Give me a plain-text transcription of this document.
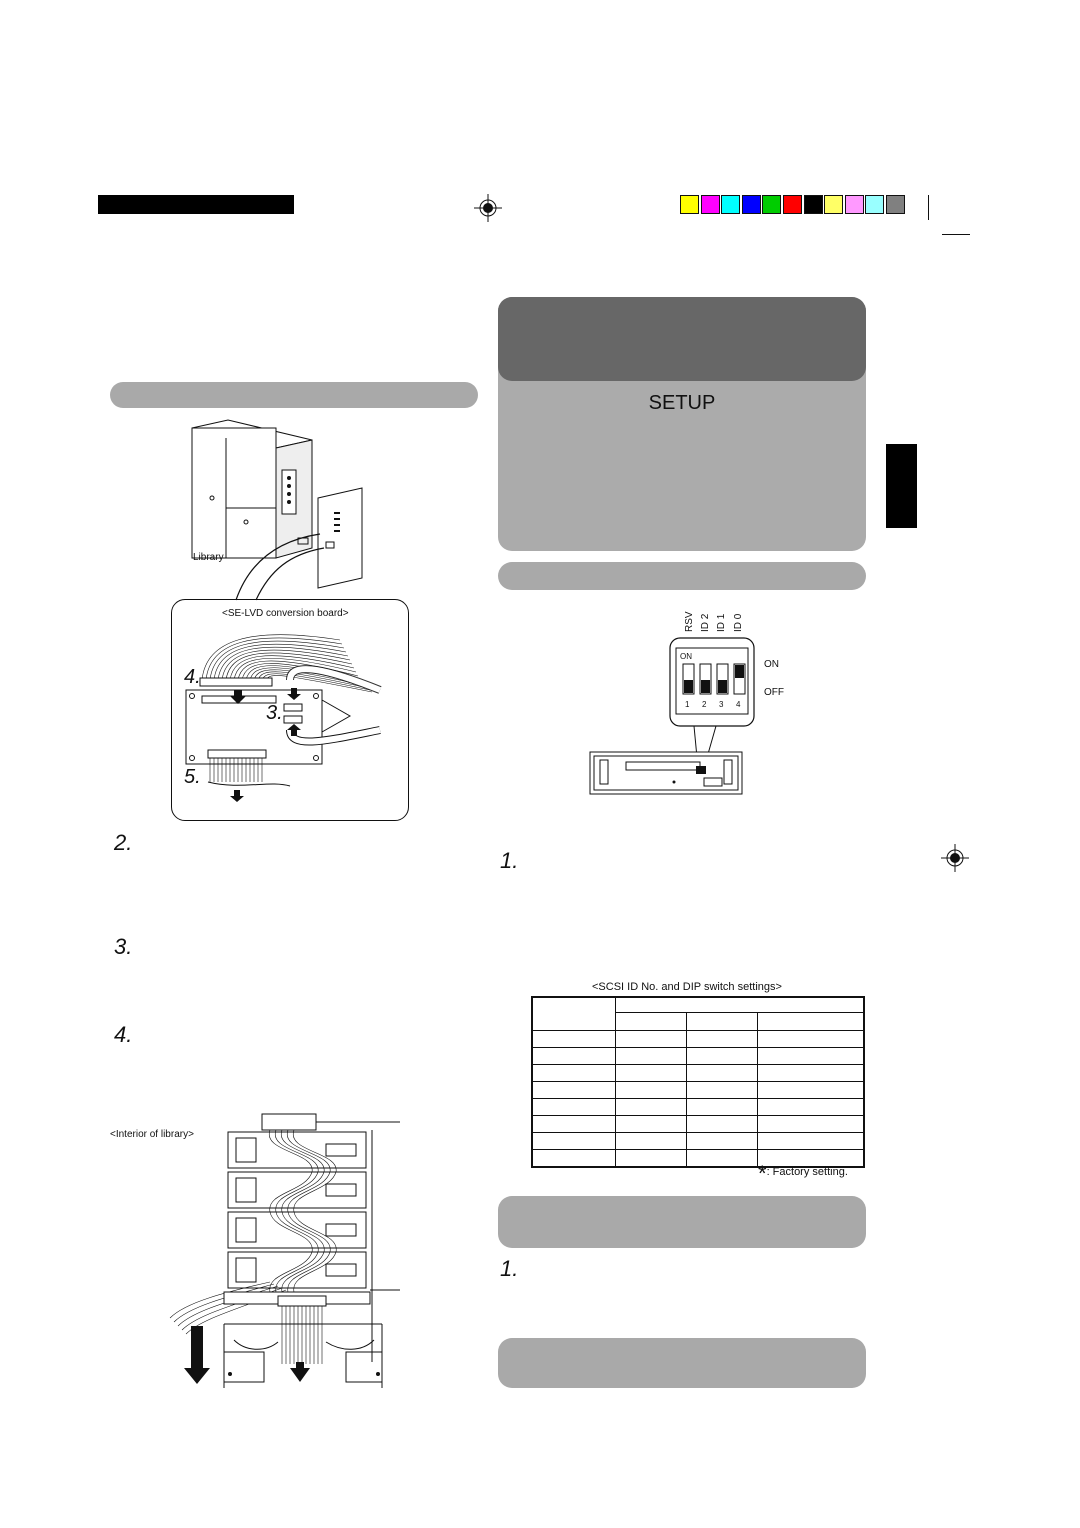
Library
<SE-LVD conversion board>
4.
3.
5.
2.
3.
4.
<Interior of library>
SETUP
RSV ID 2 ID 1 ID 0
ON
1 2 3 4
ON
OFF
1.
<SCSI ID No. and DIP switch settings>

*: Factory setting.
1.
